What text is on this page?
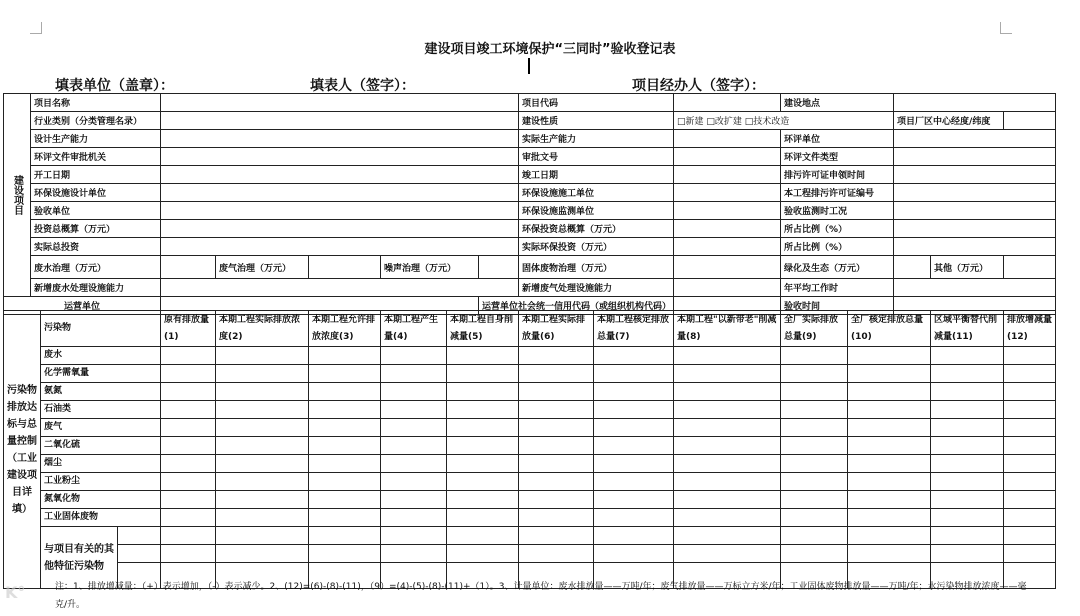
建设项目竣工环境保护“三同时”验收登记表
填表单位（盖章）：	填表人（签字）：	项目经办人（签字）：
建设项目	项目名称						项目代码		建设地点			
	行业类别（分类管理名录）						建设性质	□新建 □改扩建 □技术改造		项目厂区中心经度/纬度		
	设计生产能力						实际生产能力		环评单位			
	环评文件审批机关						审批文号		环评文件类型			
	开工日期						竣工日期		排污许可证申领时间			
	环保设施设计单位						环保设施施工单位		本工程排污许可证编号			
	验收单位						环保设施监测单位		验收监测时工况			
	投资总概算（万元）						环保投资总概算（万元）		所占比例（%）			
	实际总投资						实际环保投资（万元）		所占比例（%）			
	废水治理（万元）		废气治理（万元）		噪声治理（万元）		固体废物治理（万元）		绿化及生态（万元）		其他（万元）	
	新增废水处理设施能力						新增废气处理设施能力		年平均工作时			
运营单位						运营单位社会统一信用代码（或组织机构代码）			验收时间			
污染物排放达标与总量控制（工业建设项目详填）	污染物		原有排放量(1)	本期工程实际排放浓度(2)	本期工程允许排放浓度(3)	本期工程产生量(4)	本期工程自身削减量(5)	本期工程实际排放量(6)	本期工程核定排放总量(7)	本期工程"以新带老"削减量(8)	全厂实际排放总量(9)	全厂核定排放总量(10)	区域平衡替代削减量(11)	排放增减量(12)
	废水													
	化学需氧量													
	氨氮													
	石油类													
	废气													
	二氧化硫													
	烟尘													
	工业粉尘													
	氮氧化物													
	工业固体废物													
	与项目有关的其他特征污染物													

注：1、排放增减量：（+）表示增加，（-）表示减少。2、(12)=(6)-(8)-(11)，（9）=(4)-(5)-(8)-(11)+（1）。3、计量单位：废水排放量——万吨/年；废气排放量——万标立方米/年；工业固体废物排放量——万吨/年；水污染物排放浓度——毫克/升。
K°
